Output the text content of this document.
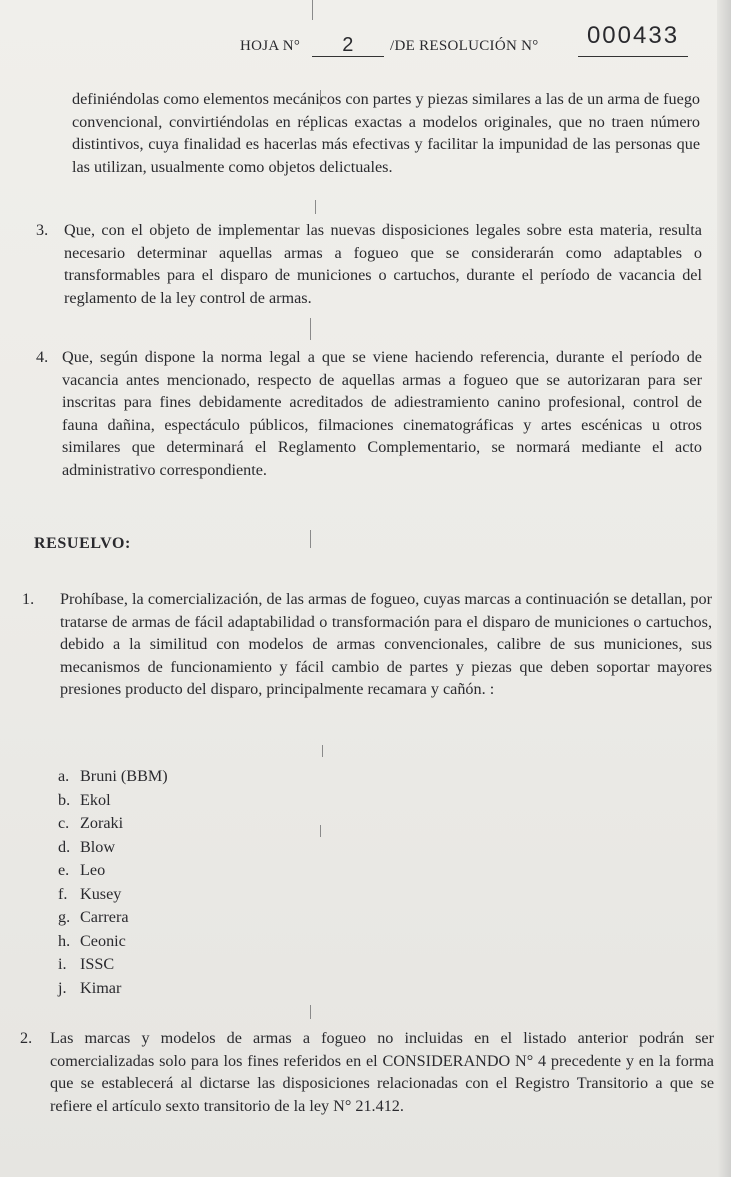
HOJA N°	2	/DE RESOLUCIÓN N°	000433
definiéndolas como elementos mecánicos con partes y piezas similares a las de un arma de fuego convencional, convirtiéndolas en réplicas exactas a modelos originales, que no traen número distintivos, cuya finalidad es hacerlas más efectivas y facilitar la impunidad de las personas que las utilizan, usualmente como objetos delictuales.
3. Que, con el objeto de implementar las nuevas disposiciones legales sobre esta materia, resulta necesario determinar aquellas armas a fogueo que se considerarán como adaptables o transformables para el disparo de municiones o cartuchos, durante el período de vacancia del reglamento de la ley control de armas.
4. Que, según dispone la norma legal a que se viene haciendo referencia, durante el período de vacancia antes mencionado, respecto de aquellas armas a fogueo que se autorizaran para ser inscritas para fines debidamente acreditados de adiestramiento canino profesional, control de fauna dañina, espectáculo públicos, filmaciones cinematográficas y artes escénicas u otros similares que determinará el Reglamento Complementario, se normará mediante el acto administrativo correspondiente.
RESUELVO:
1. Prohíbase, la comercialización, de las armas de fogueo, cuyas marcas a continuación se detallan, por tratarse de armas de fácil adaptabilidad o transformación para el disparo de municiones o cartuchos, debido a la similitud con modelos de armas convencionales, calibre de sus municiones, sus mecanismos de funcionamiento y fácil cambio de partes y piezas que deben soportar mayores presiones producto del disparo, principalmente recamara y cañón. :
a. Bruni (BBM)
b. Ekol
c. Zoraki
d. Blow
e. Leo
f. Kusey
g. Carrera
h. Ceonic
i. ISSC
j. Kimar
2. Las marcas y modelos de armas a fogueo no incluidas en el listado anterior podrán ser comercializadas solo para los fines referidos en el CONSIDERANDO N° 4 precedente y en la forma que se establecerá al dictarse las disposiciones relacionadas con el Registro Transitorio a que se refiere el artículo sexto transitorio de la ley N° 21.412.
